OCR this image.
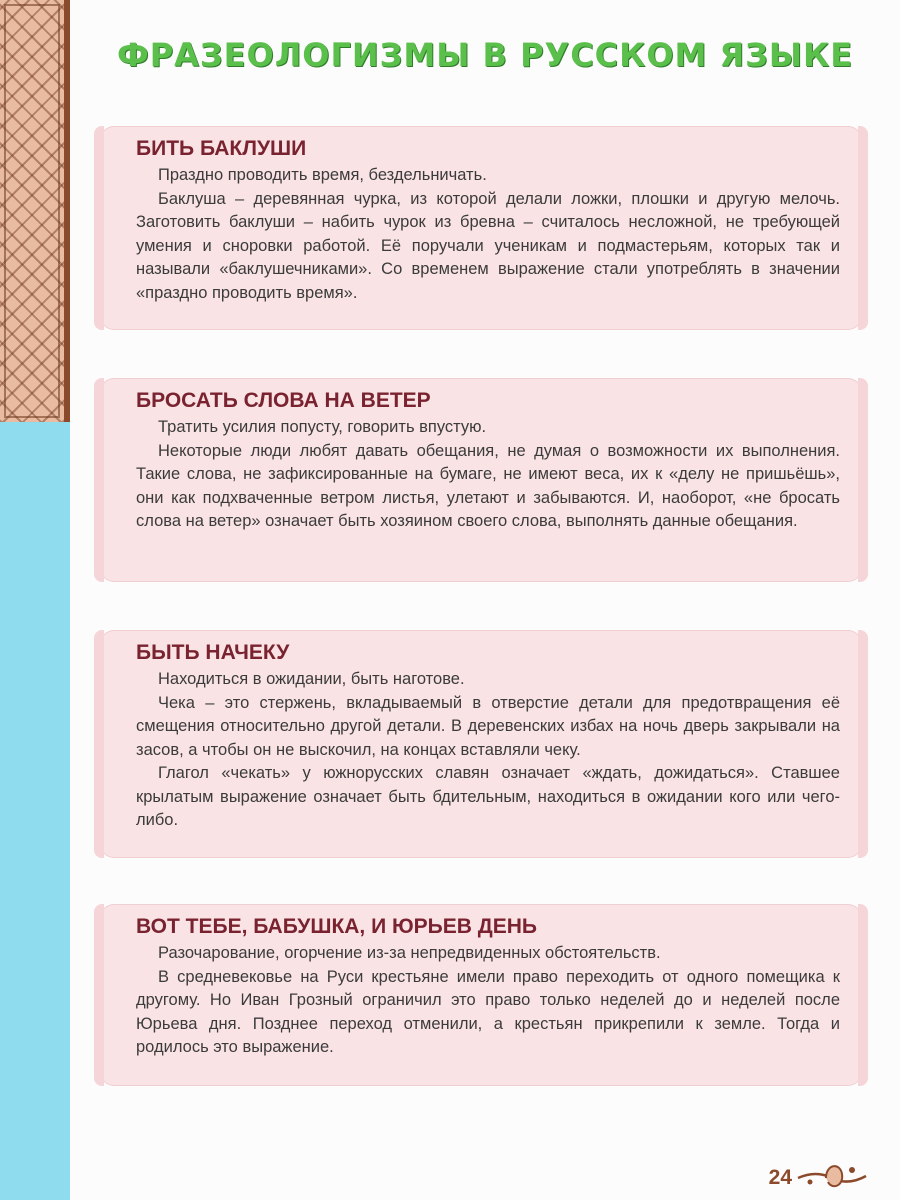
ФРАЗЕОЛОГИЗМЫ В РУССКОМ ЯЗЫКЕ
БИТЬ БАКЛУШИ

Праздно проводить время, бездельничать.

Баклуша – деревянная чурка, из которой делали ложки, плошки и другую мелочь. Заготовить баклуши – набить чурок из бревна – считалось несложной, не требующей умения и сноровки работой. Её поручали ученикам и подмастерьям, которых так и называли «баклушечниками». Со временем выражение стали употреблять в значении «праздно проводить время».

БРОСАТЬ СЛОВА НА ВЕТЕР

Тратить усилия попусту, говорить впустую.

Некоторые люди любят давать обещания, не думая о возможности их выполнения. Такие слова, не зафиксированные на бумаге, не имеют веса, их к «делу не пришьёшь», они как подхваченные ветром листья, улетают и забываются. И, наоборот, «не бросать слова на ветер» означает быть хозяином своего слова, выполнять данные обещания.

БЫТЬ НАЧЕКУ

Находиться в ожидании, быть наготове.

Чека – это стержень, вкладываемый в отверстие детали для предотвращения её смещения относительно другой детали. В деревенских избах на ночь дверь закрывали на засов, а чтобы он не выскочил, на концах вставляли чеку.

Глагол «чекать» у южнорусских славян означает «ждать, дожидаться». Ставшее крылатым выражение означает быть бдительным, находиться в ожидании кого или чего-либо.

ВОТ ТЕБЕ, БАБУШКА, И ЮРЬЕВ ДЕНЬ

Разочарование, огорчение из-за непредвиденных обстоятельств.

В средневековье на Руси крестьяне имели право переходить от одного помещика к другому. Но Иван Грозный ограничил это право только неделей до и неделей после Юрьева дня. Позднее переход отменили, а крестьян прикрепили к земле. Тогда и родилось это выражение.

24
